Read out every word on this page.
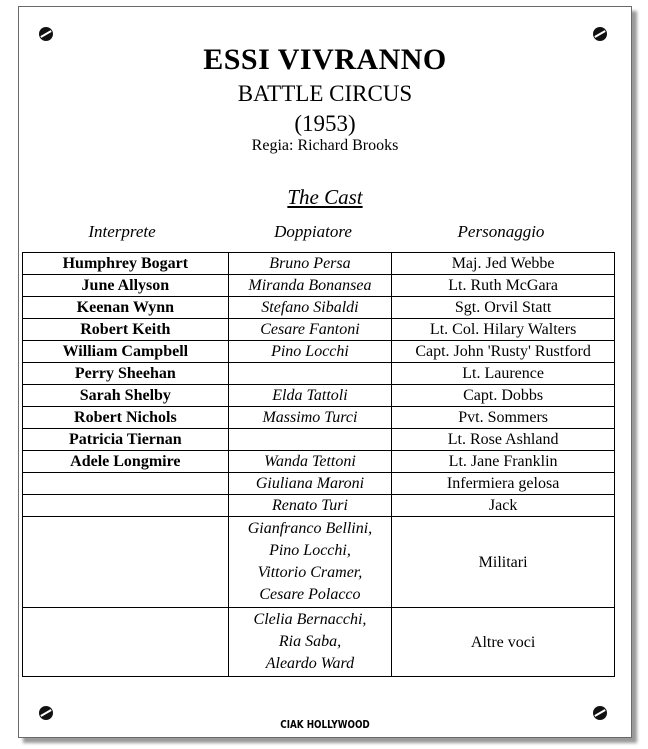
ESSI VIVRANNO
BATTLE CIRCUS
(1953)
Regia: Richard Brooks
The Cast
Interprete	Doppiatore	Personaggio
Humphrey Bogart	Bruno Persa	Maj. Jed Webbe
June Allyson	Miranda Bonansea	Lt. Ruth McGara
Keenan Wynn	Stefano Sibaldi	Sgt. Orvil Statt
Robert Keith	Cesare Fantoni	Lt. Col. Hilary Walters
William Campbell	Pino Locchi	Capt. John 'Rusty' Rustford
Perry Sheehan		Lt. Laurence
Sarah Shelby	Elda Tattoli	Capt. Dobbs
Robert Nichols	Massimo Turci	Pvt. Sommers
Patricia Tiernan		Lt. Rose Ashland
Adele Longmire	Wanda Tettoni	Lt. Jane Franklin
	Giuliana Maroni	Infermiera gelosa
	Renato Turi	Jack
	Gianfranco Bellini,
Pino Locchi,
Vittorio Cramer,
Cesare Polacco	Militari
	Clelia Bernacchi,
Ria Saba,
Aleardo Ward	Altre voci
CIAK HOLLYWOOD
